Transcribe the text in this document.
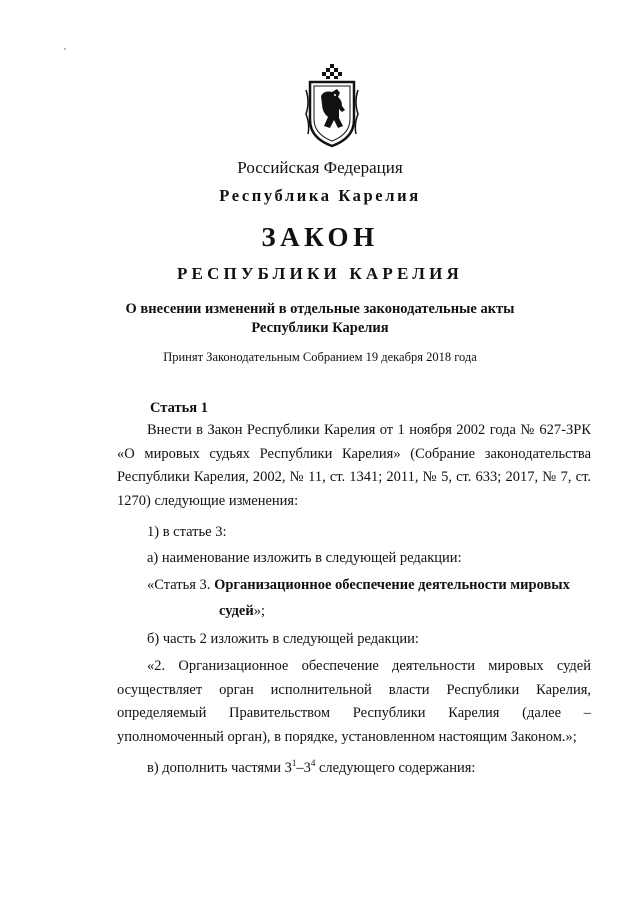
Российская Федерация
Республика Карелия
ЗАКОН
РЕСПУБЛИКИ КАРЕЛИЯ
О внесении изменений в отдельные законодательные акты
Республики Карелия
Принят Законодательным Собранием 19 декабря 2018 года
Статья 1
Внести в Закон Республики Карелия от 1 ноября 2002 года № 627-ЗРК «О мировых судьях Республики Карелия» (Собрание законодательства Республики Карелия, 2002, № 11, ст. 1341; 2011, № 5, ст. 633; 2017, № 7, ст. 1270) следующие изменения:
1) в статье 3:
а) наименование изложить в следующей редакции:
«Статья 3. Организационное обеспечение деятельности мировых
судей»;
б) часть 2 изложить в следующей редакции:
«2. Организационное обеспечение деятельности мировых судей осуществляет орган исполнительной власти Республики Карелия, определяемый Правительством Республики Карелия (далее – уполномоченный орган), в порядке, установленном настоящим Законом.»;
в) дополнить частями $3^1-3^4$ следующего содержания:
